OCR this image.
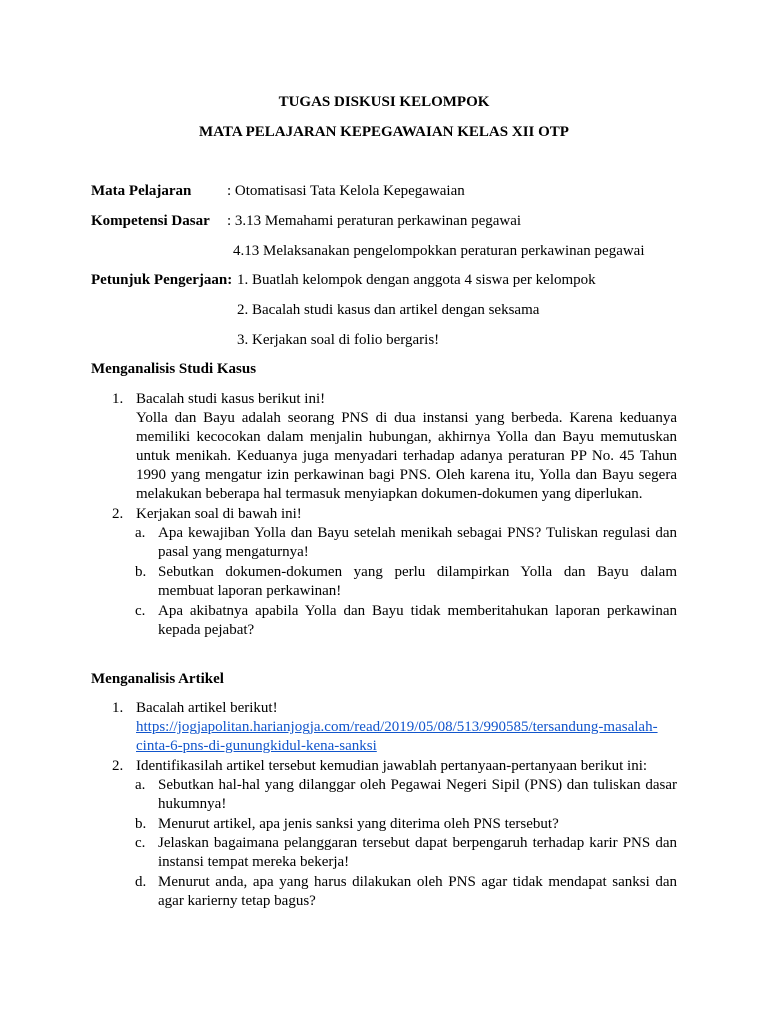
TUGAS DISKUSI KELOMPOK
MATA PELAJARAN KEPEGAWAIAN KELAS XII OTP
Mata Pelajaran : Otomatisasi Tata Kelola Kepegawaian
Kompetensi Dasar : 3.13 Memahami peraturan perkawinan pegawai
4.13 Melaksanakan pengelompokkan peraturan perkawinan pegawai
Petunjuk Pengerjaan: 1. Buatlah kelompok dengan anggota 4 siswa per kelompok
2. Bacalah studi kasus dan artikel dengan seksama
3. Kerjakan soal di folio bergaris!
Menganalisis Studi Kasus
1. Bacalah studi kasus berikut ini!
Yolla dan Bayu adalah seorang PNS di dua instansi yang berbeda. Karena keduanya
memiliki kecocokan dalam menjalin hubungan, akhirnya Yolla dan Bayu memutuskan
untuk menikah. Keduanya juga menyadari terhadap adanya peraturan PP No. 45 Tahun
1990 yang mengatur izin perkawinan bagi PNS. Oleh karena itu, Yolla dan Bayu segera
melakukan beberapa hal termasuk menyiapkan dokumen-dokumen yang diperlukan.
2. Kerjakan soal di bawah ini!
a. Apa kewajiban Yolla dan Bayu setelah menikah sebagai PNS? Tuliskan regulasi dan
pasal yang mengaturnya!
b. Sebutkan dokumen-dokumen yang perlu dilampirkan Yolla dan Bayu dalam
membuat laporan perkawinan!
c. Apa akibatnya apabila Yolla dan Bayu tidak memberitahukan laporan perkawinan
kepada pejabat?
Menganalisis Artikel
1. Bacalah artikel berikut!
https://jogjapolitan.harianjogja.com/read/2019/05/08/513/990585/tersandung-masalah-
cinta-6-pns-di-gunungkidul-kena-sanksi
2. Identifikasilah artikel tersebut kemudian jawablah pertanyaan-pertanyaan berikut ini:
a. Sebutkan hal-hal yang dilanggar oleh Pegawai Negeri Sipil (PNS) dan tuliskan dasar
hukumnya!
b. Menurut artikel, apa jenis sanksi yang diterima oleh PNS tersebut?
c. Jelaskan bagaimana pelanggaran tersebut dapat berpengaruh terhadap karir PNS dan
instansi tempat mereka bekerja!
d. Menurut anda, apa yang harus dilakukan oleh PNS agar tidak mendapat sanksi dan
agar karierny tetap bagus?
